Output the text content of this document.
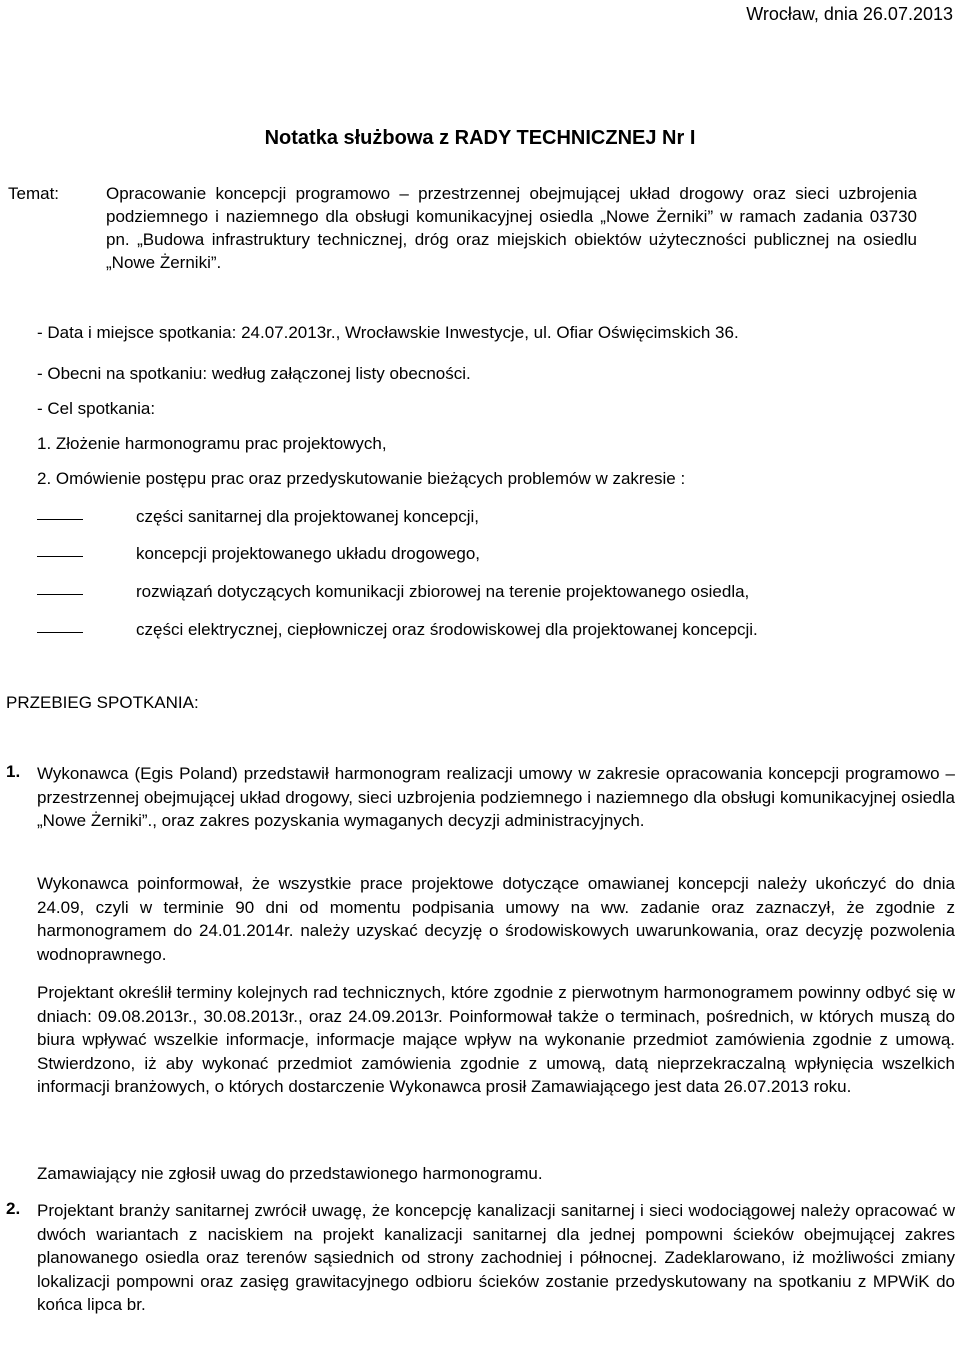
Wrocław, dnia 26.07.2013
Notatka służbowa z RADY TECHNICZNEJ Nr I
Temat:	Opracowanie koncepcji programowo – przestrzennej obejmującej układ drogowy oraz sieci uzbrojenia podziemnego i naziemnego dla obsługi komunikacyjnej osiedla „Nowe Żerniki” w ramach zadania 03730 pn. „Budowa infrastruktury technicznej, dróg oraz miejskich obiektów użyteczności publicznej na osiedlu „Nowe Żerniki”.

- Data i miejsce spotkania: 24.07.2013r., Wrocławskie Inwestycje, ul. Ofiar Oświęcimskich 36.

- Obecni na spotkaniu: według załączonej listy obecności.

- Cel spotkania:

1. Złożenie harmonogramu prac projektowych,

2. Omówienie postępu prac oraz przedyskutowanie bieżących problemów w zakresie :

części sanitarnej dla projektowanej koncepcji,
koncepcji projektowanego układu drogowego,
rozwiązań dotyczących komunikacji zbiorowej na terenie projektowanego osiedla,
części elektrycznej, ciepłowniczej oraz środowiskowej dla projektowanej koncepcji.
PRZEBIEG SPOTKANIA:
1. Wykonawca (Egis Poland) przedstawił harmonogram realizacji umowy w zakresie opracowania koncepcji programowo – przestrzennej obejmującej układ drogowy, sieci uzbrojenia podziemnego i naziemnego dla obsługi komunikacyjnej osiedla „Nowe Żerniki”., oraz zakres pozyskania wymaganych decyzji administracyjnych.

Wykonawca poinformował, że wszystkie prace projektowe dotyczące omawianej koncepcji należy ukończyć do dnia 24.09, czyli w terminie 90 dni od momentu podpisania umowy na ww. zadanie oraz zaznaczył, że zgodnie z harmonogramem do 24.01.2014r. należy uzyskać decyzję o środowiskowych uwarunkowania, oraz decyzję pozwolenia wodnoprawnego.

Projektant określił terminy kolejnych rad technicznych, które zgodnie z pierwotnym harmonogramem powinny odbyć się w dniach: 09.08.2013r., 30.08.2013r., oraz 24.09.2013r. Poinformował także o terminach, pośrednich, w których muszą do biura wpływać wszelkie informacje, informacje mające wpływ na wykonanie przedmiot zamówienia zgodnie z umową. Stwierdzono, iż aby wykonać przedmiot zamówienia zgodnie z umową, datą nieprzekraczalną wpłynięcia wszelkich informacji branżowych, o których dostarczenie Wykonawca prosił Zamawiającego jest data 26.07.2013 roku.

Zamawiający nie zgłosił uwag do przedstawionego harmonogramu.

2. Projektant branży sanitarnej zwrócił uwagę, że koncepcję kanalizacji sanitarnej i sieci wodociągowej należy opracować w dwóch wariantach z naciskiem na projekt kanalizacji sanitarnej dla jednej pompowni ścieków obejmującej zakres planowanego osiedla oraz terenów sąsiednich od strony zachodniej i północnej. Zadeklarowano, iż możliwości zmiany lokalizacji pompowni oraz zasięg grawitacyjnego odbioru ścieków zostanie przedyskutowany na spotkaniu z MPWiK do końca lipca br.
